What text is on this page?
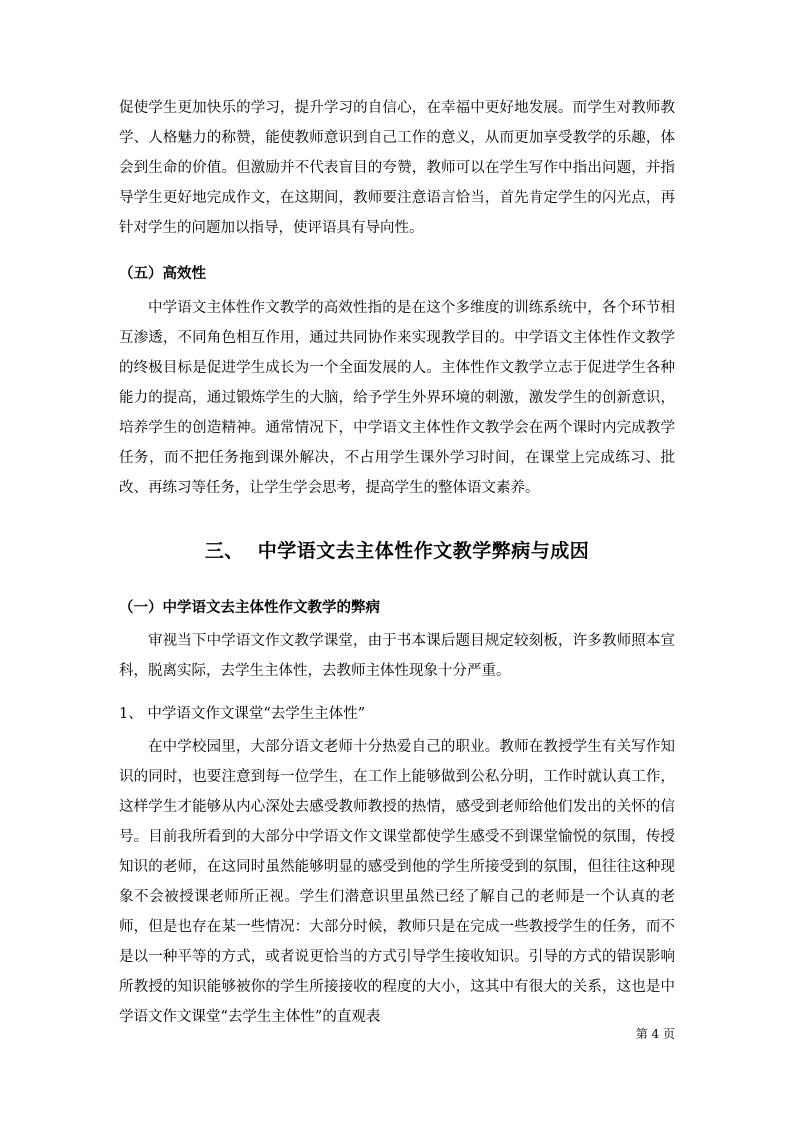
促使学生更加快乐的学习，提升学习的自信心，在幸福中更好地发展。而学生对教师教学、人格魅力的称赞，能使教师意识到自己工作的意义，从而更加享受教学的乐趣，体会到生命的价值。但激励并不代表盲目的夸赞，教师可以在学生写作中指出问题，并指导学生更好地完成作文，在这期间，教师要注意语言恰当，首先肯定学生的闪光点，再针对学生的问题加以指导，使评语具有导向性。

（五）高效性

中学语文主体性作文教学的高效性指的是在这个多维度的训练系统中，各个环节相互渗透，不同角色相互作用，通过共同协作来实现教学目的。中学语文主体性作文教学的终极目标是促进学生成长为一个全面发展的人。主体性作文教学立志于促进学生各种能力的提高，通过锻炼学生的大脑，给予学生外界环境的刺激，激发学生的创新意识，培养学生的创造精神。通常情况下，中学语文主体性作文教学会在两个课时内完成教学任务，而不把任务拖到课外解决，不占用学生课外学习时间，在课堂上完成练习、批改、再练习等任务，让学生学会思考，提高学生的整体语文素养。

三、 中学语文去主体性作文教学弊病与成因

（一）中学语文去主体性作文教学的弊病

审视当下中学语文作文教学课堂，由于书本课后题目规定较刻板，许多教师照本宣科，脱离实际，去学生主体性，去教师主体性现象十分严重。

1、 中学语文作文课堂“去学生主体性”

在中学校园里，大部分语文老师十分热爱自己的职业。教师在教授学生有关写作知识的同时，也要注意到每一位学生，在工作上能够做到公私分明，工作时就认真工作，这样学生才能够从内心深处去感受教师教授的热情，感受到老师给他们发出的关怀的信号。目前我所看到的大部分中学语文作文课堂都使学生感受不到课堂愉悦的氛围，传授知识的老师，在这同时虽然能够明显的感受到他的学生所接受到的氛围，但往往这种现象不会被授课老师所正视。学生们潜意识里虽然已经了解自己的老师是一个认真的老师，但是也存在某一些情况：大部分时候，教师只是在完成一些教授学生的任务，而不是以一种平等的方式，或者说更恰当的方式引导学生接收知识。引导的方式的错误影响所教授的知识能够被你的学生所接接收的程度的大小，这其中有很大的关系，这也是中学语文作文课堂“去学生主体性”的直观表

第 4 页
